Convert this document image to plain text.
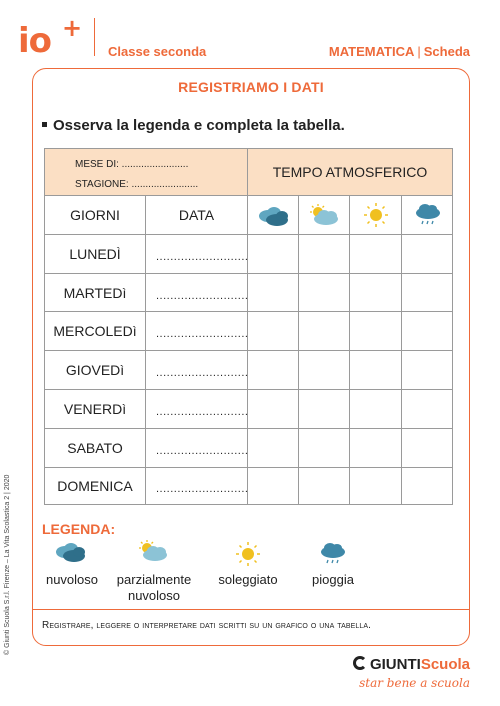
io +
Classe seconda	MATEMATICA | Scheda
© Giunti Scuola S.r.l. Firenze – La Vita Scolastica 2 | 2020
REGISTRIAMO I DATI
Osserva la legenda e completa la tabella.
MESE DI: ........................
STAGIONE: ........................
TEMPO ATMOSFERICO
GIORNI	DATA
LUNEDÌ	..........................
MARTEDì	..........................
MERCOLEDì	..........................
GIOVEDì	..........................
VENERDì	..........................
SABATO	..........................
DOMENICA	..........................
LEGENDA:
nuvoloso	parzialmente nuvoloso
soleggiato	pioggia
Registrare, leggere o interpretare dati scritti su un grafico o una tabella.
GIUNTIScuola
star bene a scuola
